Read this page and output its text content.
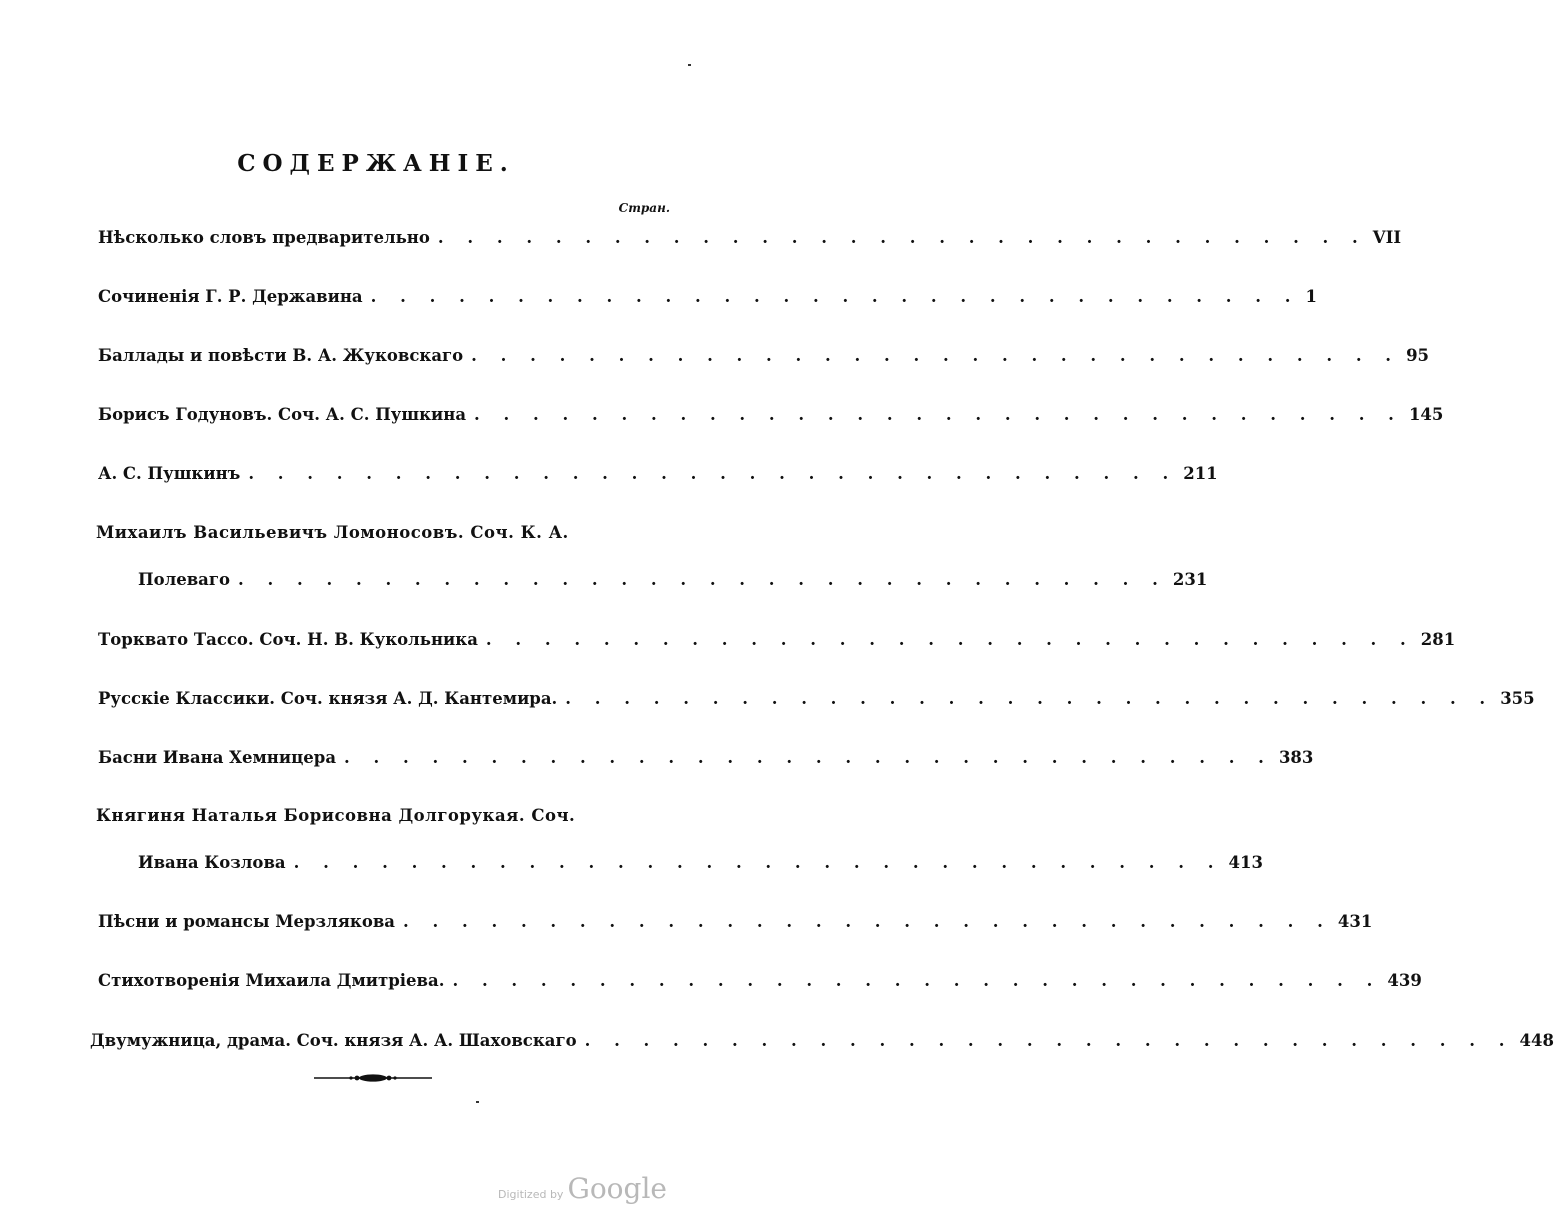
СОДЕРЖАНІЕ.
Стран.
Нѣсколько словъ предварительно . . . . . . . . . . . . . . . . . . . . . . . . . . . . . . . . VII
Сочиненія Г. Р. Державина . . . . . . . . . . . . . . . . . . . . . . . . . . . . . . . . 1
Баллады и повѣсти В. А. Жуковскаго . . . . . . . . . . . . . . . . . . . . . . . . . . . . . . . . 95
Борисъ Годуновъ. Соч. А. С. Пушкина . . . . . . . . . . . . . . . . . . . . . . . . . . . . . . . . 145
А. С. Пушкинъ . . . . . . . . . . . . . . . . . . . . . . . . . . . . . . . . 211
Михаилъ Васильевичъ Ломоносовъ. Соч. К. А.
Полеваго . . . . . . . . . . . . . . . . . . . . . . . . . . . . . . . . 231
Торквато Тассо. Соч. Н. В. Кукольника . . . . . . . . . . . . . . . . . . . . . . . . . . . . . . . . 281
Русскіе Классики. Соч. князя А. Д. Кантемира. . . . . . . . . . . . . . . . . . . . . . . . . . . . . . . . . 355
Басни Ивана Хемницера . . . . . . . . . . . . . . . . . . . . . . . . . . . . . . . . 383
Княгиня Наталья Борисовна Долгорукая. Соч.
Ивана Козлова . . . . . . . . . . . . . . . . . . . . . . . . . . . . . . . . 413
Пѣсни и романсы Мерзлякова . . . . . . . . . . . . . . . . . . . . . . . . . . . . . . . . 431
Стихотворенія Михаила Дмитріева. . . . . . . . . . . . . . . . . . . . . . . . . . . . . . . . . 439
Двумужница, драма. Соч. князя А. А. Шаховскаго . . . . . . . . . . . . . . . . . . . . . . . . . . . . . . . . 448
Digitized by Google
